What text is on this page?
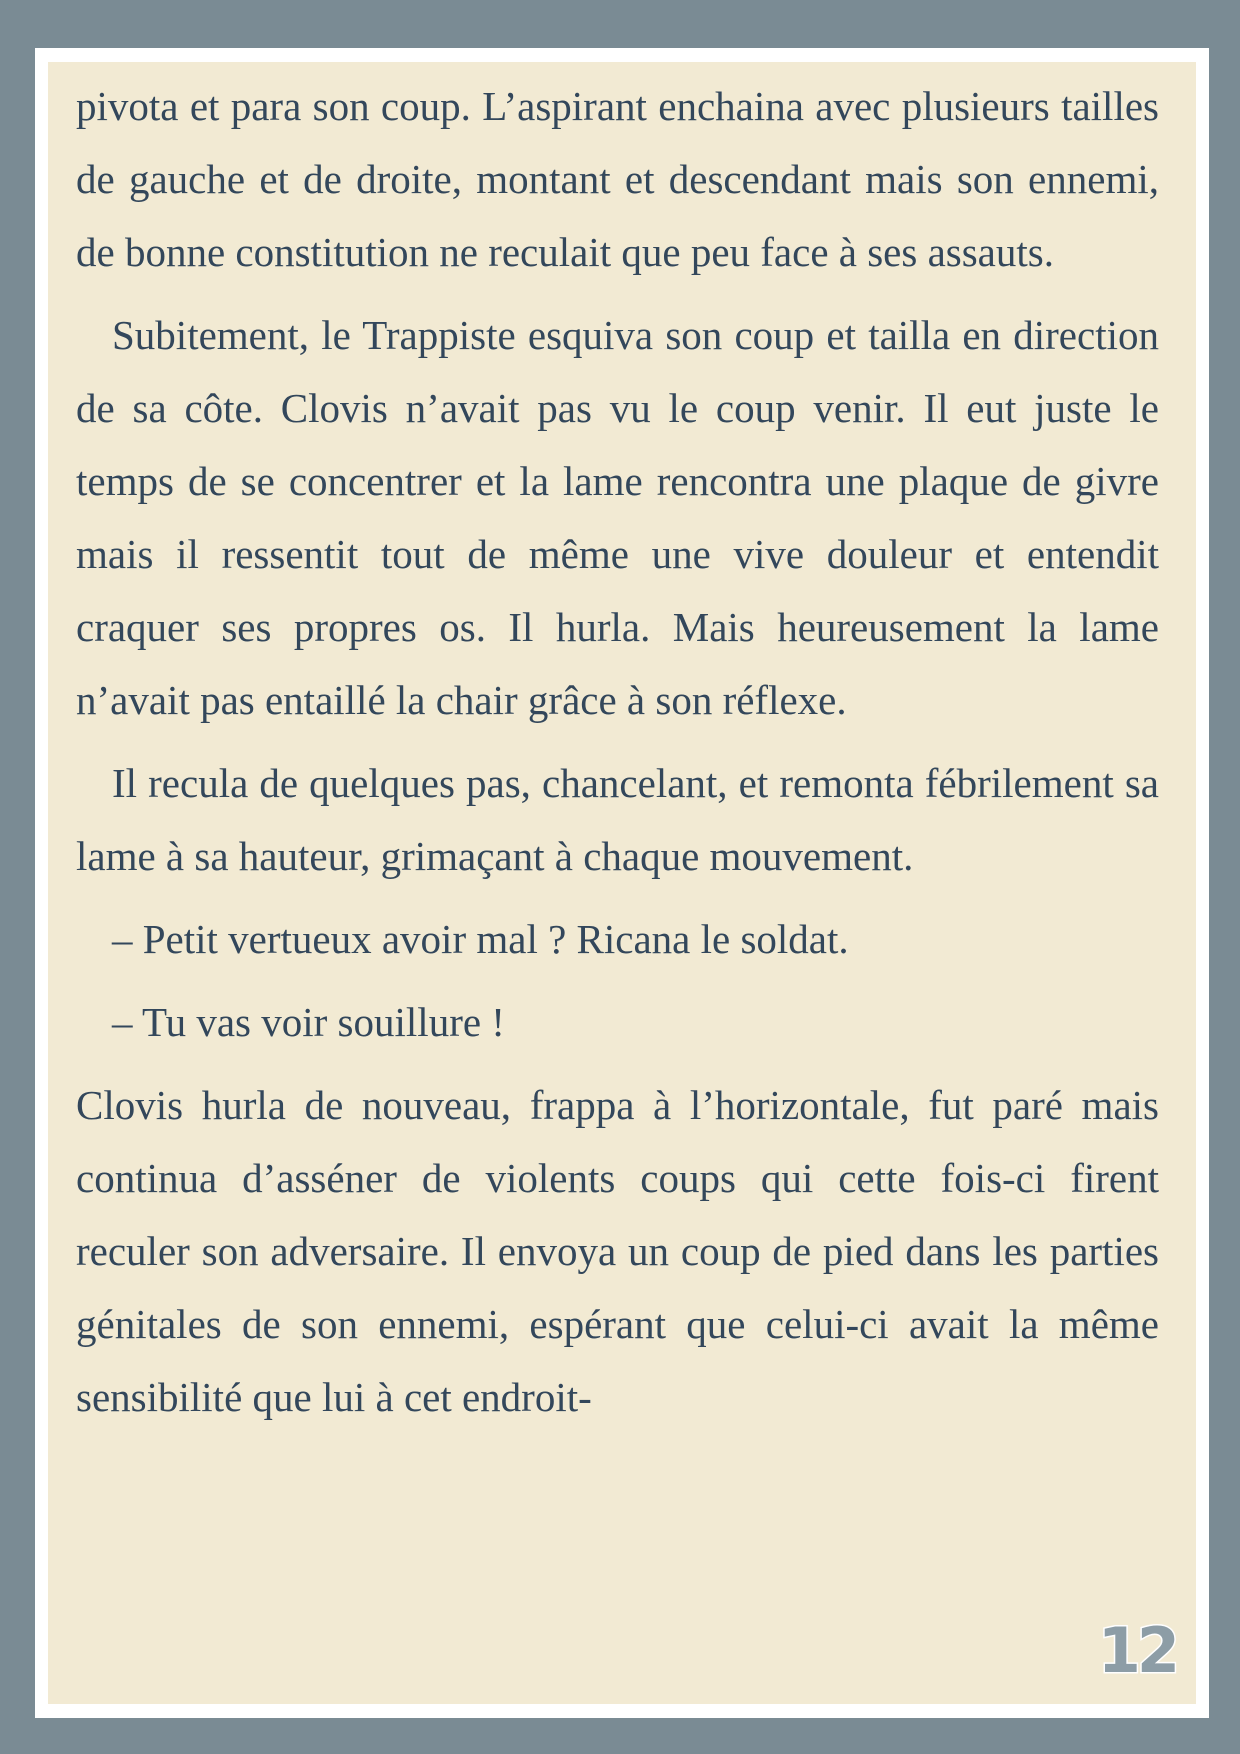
pivota et para son coup. L’aspirant enchaina avec plusieurs tailles de gauche et de droite, montant et descendant mais son ennemi, de bonne constitution ne reculait que peu face à ses assauts.

Subitement, le Trappiste esquiva son coup et tailla en direction de sa côte. Clovis n’avait pas vu le coup venir. Il eut juste le temps de se concentrer et la lame rencontra une plaque de givre mais il ressentit tout de même une vive douleur et entendit craquer ses propres os. Il hurla. Mais heureusement la lame n’avait pas entaillé la chair grâce à son réflexe.

Il recula de quelques pas, chancelant, et remonta fébrilement sa lame à sa hauteur, grimaçant à chaque mouvement.

– Petit vertueux avoir mal ? Ricana le soldat.

– Tu vas voir souillure !

Clovis hurla de nouveau, frappa à l’horizontale, fut paré mais continua d’asséner de violents coups qui cette fois-ci firent reculer son adversaire. Il envoya un coup de pied dans les parties génitales de son ennemi, espérant que celui-ci avait la même sensibilité que lui à cet endroit-

12
